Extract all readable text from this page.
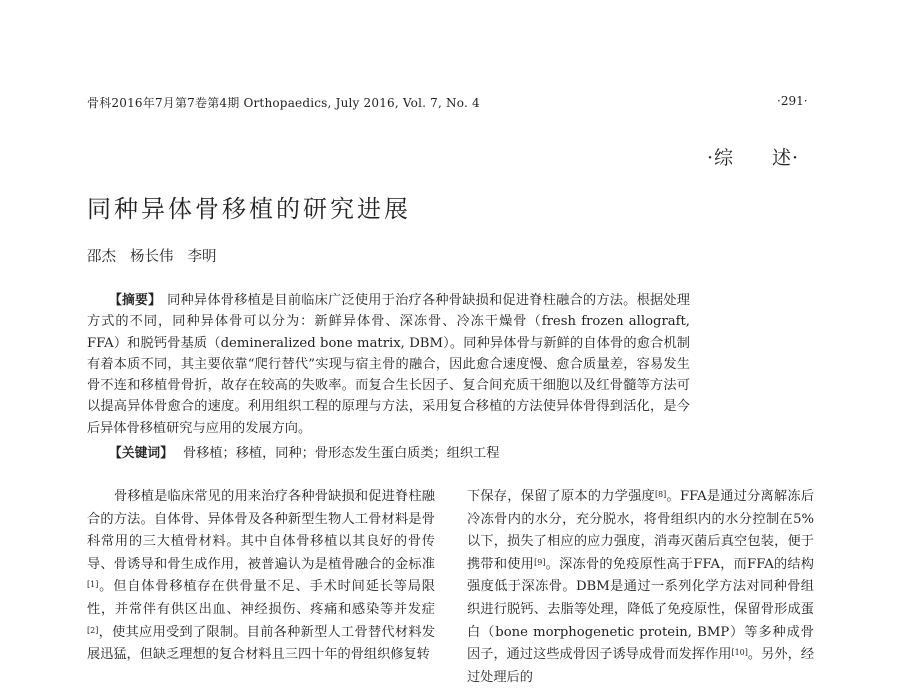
骨科2016年7月第7卷第4期 Orthopaedics, July 2016, Vol. 7, No. 4	·291·
·综 述·
同种异体骨移植的研究进展
邵杰 杨长伟 李明
【摘要】 同种异体骨移植是目前临床广泛使用于治疗各种骨缺损和促进脊柱融合的方法。根据处理方式的不同，同种异体骨可以分为：新鲜异体骨、深冻骨、冷冻干燥骨（fresh frozen allograft, FFA）和脱钙骨基质（demineralized bone matrix, DBM）。同种异体骨与新鲜的自体骨的愈合机制有着本质不同，其主要依靠“爬行替代”实现与宿主骨的融合，因此愈合速度慢、愈合质量差，容易发生骨不连和移植骨骨折，故存在较高的失败率。而复合生长因子、复合间充质干细胞以及红骨髓等方法可以提高异体骨愈合的速度。利用组织工程的原理与方法，采用复合移植的方法使异体骨得到活化，是今后异体骨移植研究与应用的发展方向。
【关键词】 骨移植；移植，同种；骨形态发生蛋白质类；组织工程

骨移植是临床常见的用来治疗各种骨缺损和促进脊柱融合的方法。自体骨、异体骨及各种新型生物人工骨材料是骨科常用的三大植骨材料。其中自体骨移植以其良好的骨传导、骨诱导和骨生成作用，被普遍认为是植骨融合的金标准[1]。但自体骨移植存在供骨量不足、手术时间延长等局限性，并常伴有供区出血、神经损伤、疼痛和感染等并发症[2]，使其应用受到了限制。目前各种新型人工骨替代材料发展迅猛，但缺乏理想的复合材料且三四十年的骨组织修复转

下保存，保留了原本的力学强度[8]。FFA是通过分离解冻后冷冻骨内的水分，充分脱水，将骨组织内的水分控制在5%以下，损失了相应的应力强度，消毒灭菌后真空包装，便于携带和使用[9]。深冻骨的免疫原性高于FFA，而FFA的结构强度低于深冻骨。DBM是通过一系列化学方法对同种骨组织进行脱钙、去脂等处理，降低了免疫原性，保留骨形成蛋白（bone morphogenetic protein, BMP）等多种成骨因子，通过这些成骨因子诱导成骨而发挥作用[10]。另外，经过处理后的
